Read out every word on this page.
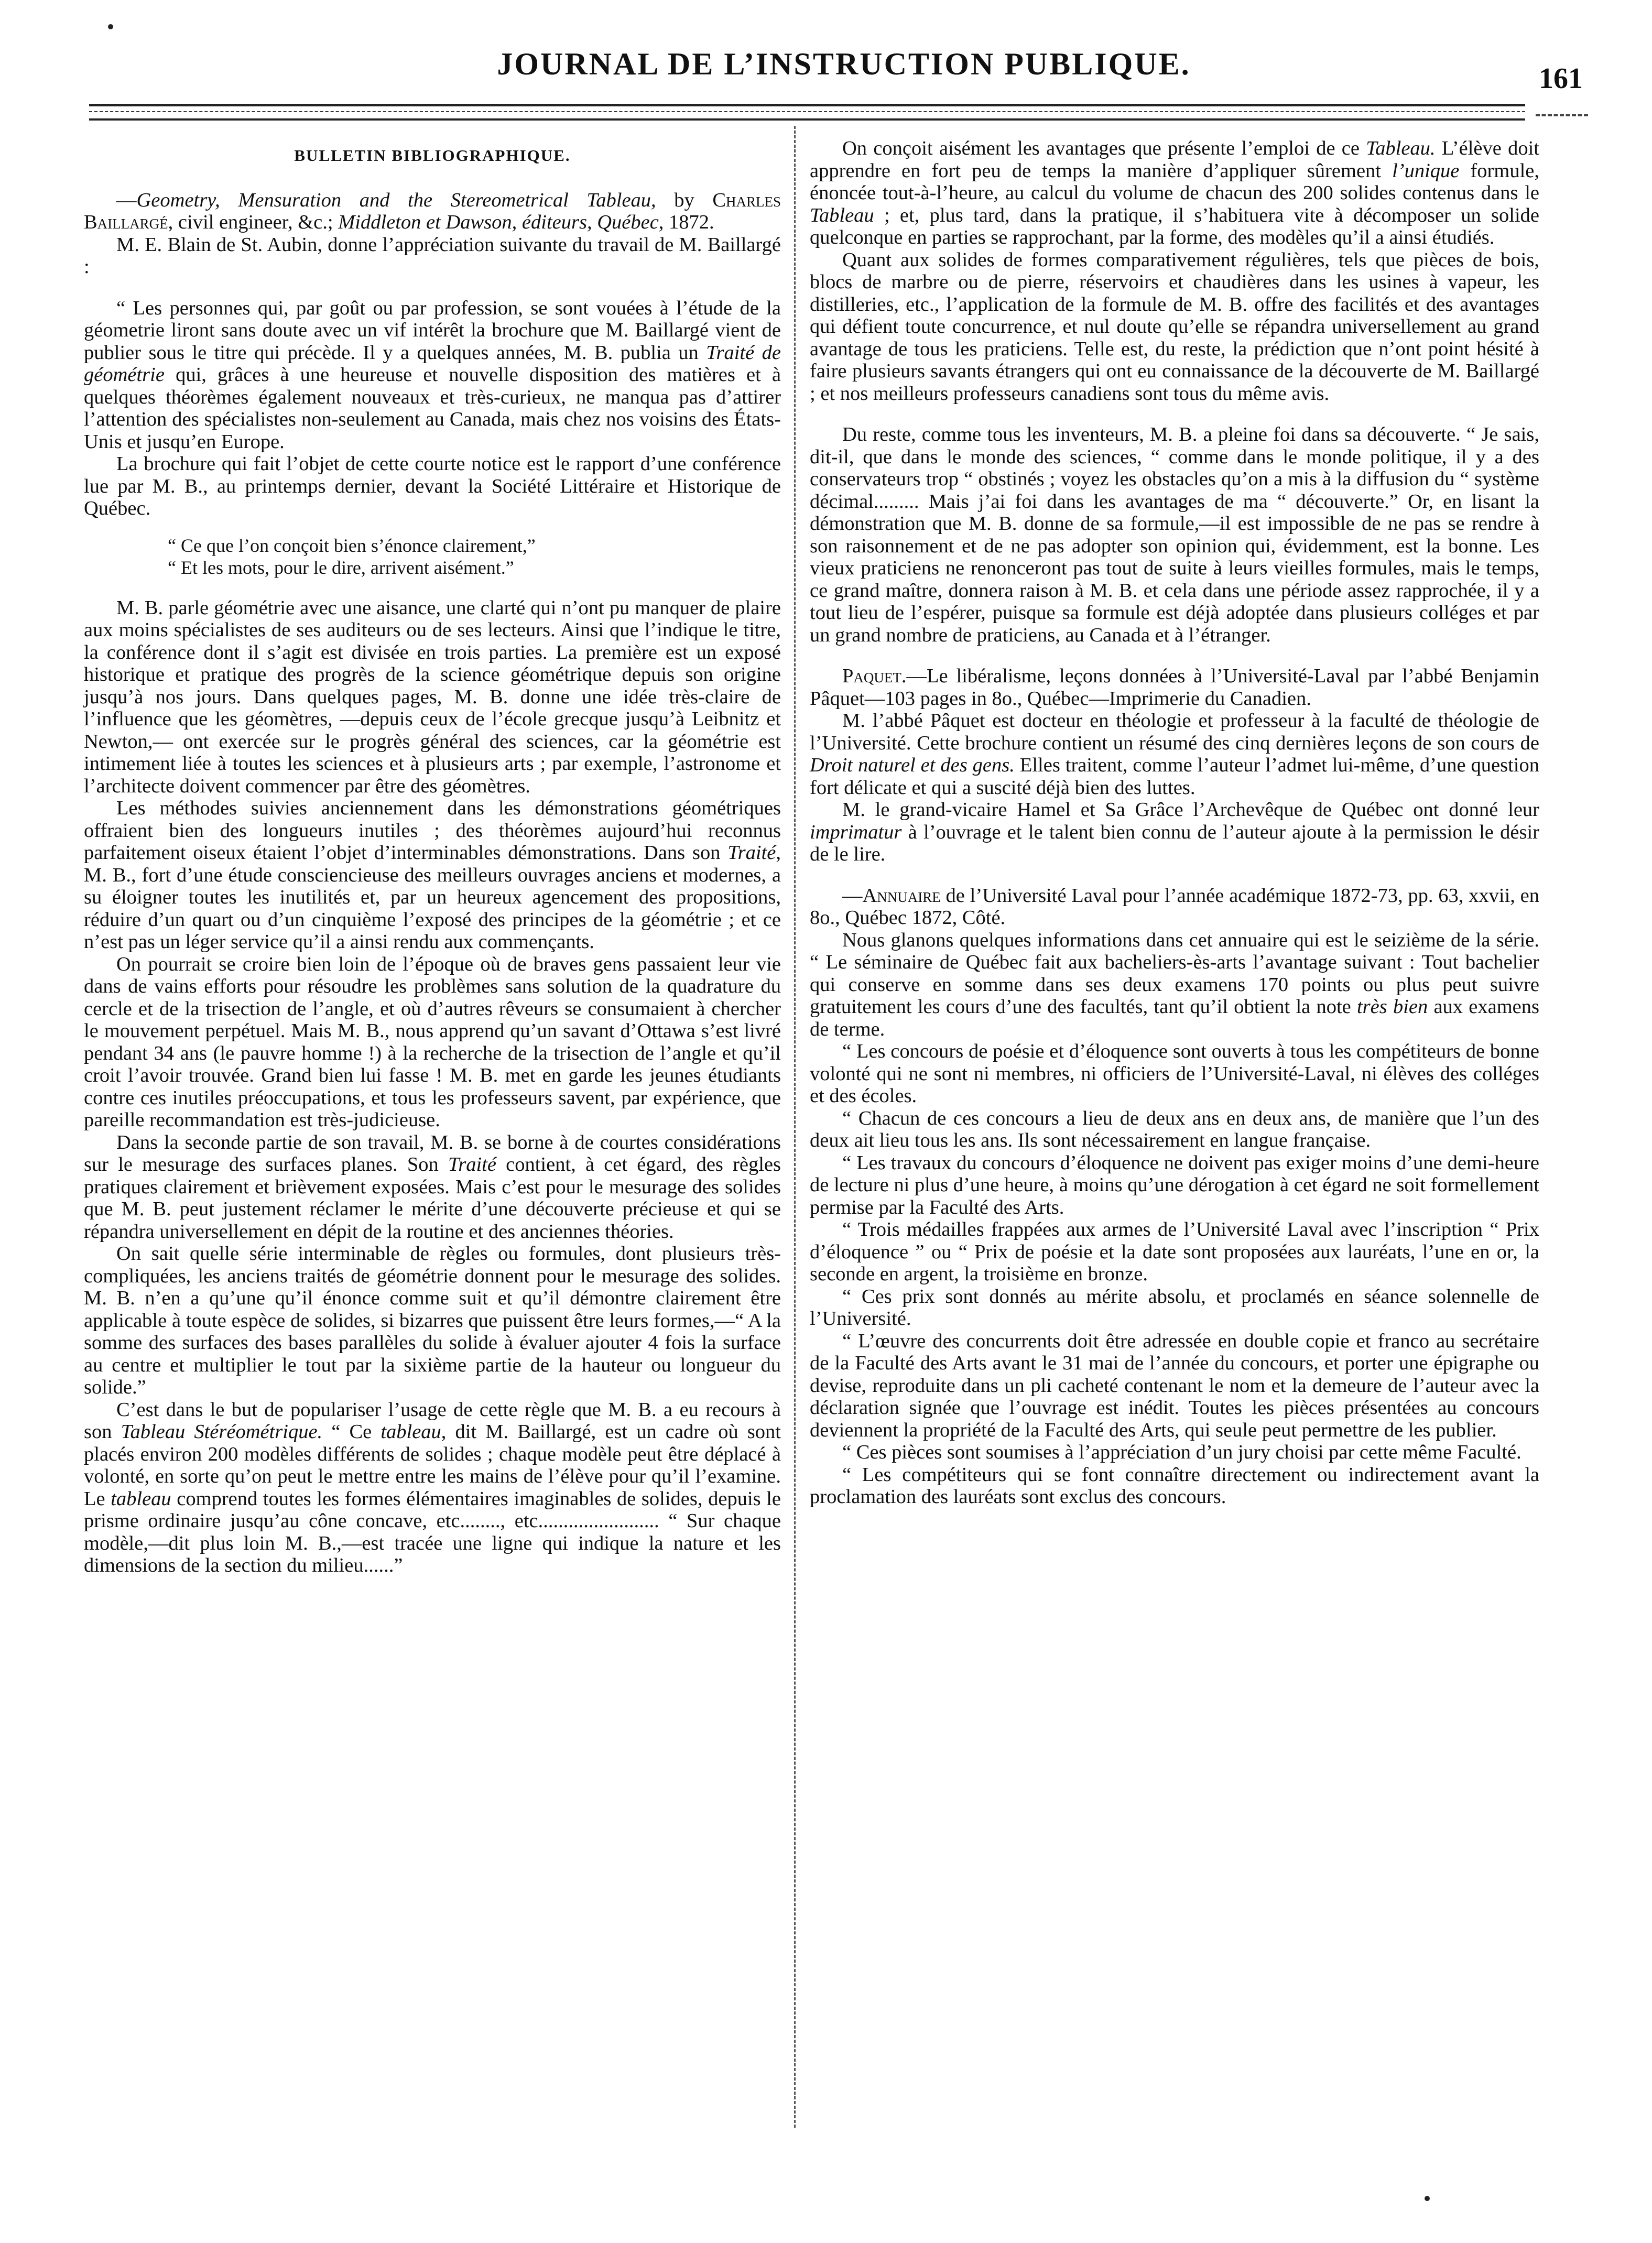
JOURNAL DE L’INSTRUCTION PUBLIQUE.	161

BULLETIN BIBLIOGRAPHIQUE.

—Geometry, Mensuration and the Stereometrical Tableau, by Charles Baillargé, civil engineer, &c.; Middleton et Dawson, éditeurs, Québec, 1872.

M. E. Blain de St. Aubin, donne l’appréciation suivante du travail de M. Baillargé :

“ Les personnes qui, par goût ou par profession, se sont vouées à l’étude de la géometrie liront sans doute avec un vif intérêt la brochure que M. Baillargé vient de publier sous le titre qui précède. Il y a quelques années, M. B. publia un Traité de géométrie qui, grâces à une heureuse et nouvelle disposition des matières et à quelques théorèmes également nouveaux et très-curieux, ne manqua pas d’attirer l’attention des spécialistes non-seulement au Canada, mais chez nos voisins des États-Unis et jusqu’en Europe.

La brochure qui fait l’objet de cette courte notice est le rapport d’une conférence lue par M. B., au printemps dernier, devant la Société Littéraire et Historique de Québec.

“ Ce que l’on conçoit bien s’énonce clairement,”

“ Et les mots, pour le dire, arrivent aisément.”

M. B. parle géométrie avec une aisance, une clarté qui n’ont pu manquer de plaire aux moins spécialistes de ses auditeurs ou de ses lecteurs. Ainsi que l’indique le titre, la conférence dont il s’agit est divisée en trois parties. La première est un exposé historique et pratique des progrès de la science géométrique depuis son origine jusqu’à nos jours. Dans quelques pages, M. B. donne une idée très-claire de l’influence que les géomètres, —depuis ceux de l’école grecque jusqu’à Leibnitz et Newton,— ont exercée sur le progrès général des sciences, car la géométrie est intimement liée à toutes les sciences et à plusieurs arts ; par exemple, l’astronome et l’architecte doivent commencer par être des géomètres.

Les méthodes suivies anciennement dans les démonstrations géométriques offraient bien des longueurs inutiles ; des théorèmes aujourd’hui reconnus parfaitement oiseux étaient l’objet d’interminables démonstrations. Dans son Traité, M. B., fort d’une étude consciencieuse des meilleurs ouvrages anciens et modernes, a su éloigner toutes les inutilités et, par un heureux agencement des propositions, réduire d’un quart ou d’un cinquième l’exposé des principes de la géométrie ; et ce n’est pas un léger service qu’il a ainsi rendu aux commençants.

On pourrait se croire bien loin de l’époque où de braves gens passaient leur vie dans de vains efforts pour résoudre les problèmes sans solution de la quadrature du cercle et de la trisection de l’angle, et où d’autres rêveurs se consumaient à chercher le mouvement perpétuel. Mais M. B., nous apprend qu’un savant d’Ottawa s’est livré pendant 34 ans (le pauvre homme !) à la recherche de la trisection de l’angle et qu’il croit l’avoir trouvée. Grand bien lui fasse ! M. B. met en garde les jeunes étudiants contre ces inutiles préoccupations, et tous les professeurs savent, par expérience, que pareille recommandation est très-judicieuse.

Dans la seconde partie de son travail, M. B. se borne à de courtes considérations sur le mesurage des surfaces planes. Son Traité contient, à cet égard, des règles pratiques clairement et brièvement exposées. Mais c’est pour le mesurage des solides que M. B. peut justement réclamer le mérite d’une découverte précieuse et qui se répandra universellement en dépit de la routine et des anciennes théories.

On sait quelle série interminable de règles ou formules, dont plusieurs très-compliquées, les anciens traités de géométrie donnent pour le mesurage des solides. M. B. n’en a qu’une qu’il énonce comme suit et qu’il démontre clairement être applicable à toute espèce de solides, si bizarres que puissent être leurs formes,—“ A la somme des surfaces des bases parallèles du solide à évaluer ajouter 4 fois la surface au centre et multiplier le tout par la sixième partie de la hauteur ou longueur du solide.”

C’est dans le but de populariser l’usage de cette règle que M. B. a eu recours à son Tableau Stéréométrique. “ Ce tableau, dit M. Baillargé, est un cadre où sont placés environ 200 modèles différents de solides ; chaque modèle peut être déplacé à volonté, en sorte qu’on peut le mettre entre les mains de l’élève pour qu’il l’examine. Le tableau comprend toutes les formes élémentaires imaginables de solides, depuis le prisme ordinaire jusqu’au cône concave, etc........, etc........................ “ Sur chaque modèle,—dit plus loin M. B.,—est tracée une ligne qui indique la nature et les dimensions de la section du milieu......”

On conçoit aisément les avantages que présente l’emploi de ce Tableau. L’élève doit apprendre en fort peu de temps la manière d’appliquer sûrement l’unique formule, énoncée tout-à-l’heure, au calcul du volume de chacun des 200 solides contenus dans le Tableau ; et, plus tard, dans la pratique, il s’habituera vite à décomposer un solide quelconque en parties se rapprochant, par la forme, des modèles qu’il a ainsi étudiés.

Quant aux solides de formes comparativement régulières, tels que pièces de bois, blocs de marbre ou de pierre, réservoirs et chaudières dans les usines à vapeur, les distilleries, etc., l’application de la formule de M. B. offre des facilités et des avantages qui défient toute concurrence, et nul doute qu’elle se répandra universellement au grand avantage de tous les praticiens. Telle est, du reste, la prédiction que n’ont point hésité à faire plusieurs savants étrangers qui ont eu connaissance de la découverte de M. Baillargé ; et nos meilleurs professeurs canadiens sont tous du même avis.

Du reste, comme tous les inventeurs, M. B. a pleine foi dans sa découverte. “ Je sais, dit-il, que dans le monde des sciences, “ comme dans le monde politique, il y a des conservateurs trop “ obstinés ; voyez les obstacles qu’on a mis à la diffusion du “ système décimal......... Mais j’ai foi dans les avantages de ma “ découverte.” Or, en lisant la démonstration que M. B. donne de sa formule,—il est impossible de ne pas se rendre à son raisonnement et de ne pas adopter son opinion qui, évidemment, est la bonne. Les vieux praticiens ne renonceront pas tout de suite à leurs vieilles formules, mais le temps, ce grand maître, donnera raison à M. B. et cela dans une période assez rapprochée, il y a tout lieu de l’espérer, puisque sa formule est déjà adoptée dans plusieurs colléges et par un grand nombre de praticiens, au Canada et à l’étranger.

Paquet.—Le libéralisme, leçons données à l’Université-Laval par l’abbé Benjamin Pâquet—103 pages in 8o., Québec—Imprimerie du Canadien.

M. l’abbé Pâquet est docteur en théologie et professeur à la faculté de théologie de l’Université. Cette brochure contient un résumé des cinq dernières leçons de son cours de Droit naturel et des gens. Elles traitent, comme l’auteur l’admet lui-même, d’une question fort délicate et qui a suscité déjà bien des luttes.

M. le grand-vicaire Hamel et Sa Grâce l’Archevêque de Québec ont donné leur imprimatur à l’ouvrage et le talent bien connu de l’auteur ajoute à la permission le désir de le lire.

—Annuaire de l’Université Laval pour l’année académique 1872-73, pp. 63, xxvii, en 8o., Québec 1872, Côté.

Nous glanons quelques informations dans cet annuaire qui est le seizième de la série. “ Le séminaire de Québec fait aux bacheliers-ès-arts l’avantage suivant : Tout bachelier qui conserve en somme dans ses deux examens 170 points ou plus peut suivre gratuitement les cours d’une des facultés, tant qu’il obtient la note très bien aux examens de terme.

“ Les concours de poésie et d’éloquence sont ouverts à tous les compétiteurs de bonne volonté qui ne sont ni membres, ni officiers de l’Université-Laval, ni élèves des colléges et des écoles.

“ Chacun de ces concours a lieu de deux ans en deux ans, de manière que l’un des deux ait lieu tous les ans. Ils sont nécessairement en langue française.

“ Les travaux du concours d’éloquence ne doivent pas exiger moins d’une demi-heure de lecture ni plus d’une heure, à moins qu’une dérogation à cet égard ne soit formellement permise par la Faculté des Arts.

“ Trois médailles frappées aux armes de l’Université Laval avec l’inscription “ Prix d’éloquence ” ou “ Prix de poésie et la date sont proposées aux lauréats, l’une en or, la seconde en argent, la troisième en bronze.

“ Ces prix sont donnés au mérite absolu, et proclamés en séance solennelle de l’Université.

“ L’œuvre des concurrents doit être adressée en double copie et franco au secrétaire de la Faculté des Arts avant le 31 mai de l’année du concours, et porter une épigraphe ou devise, reproduite dans un pli cacheté contenant le nom et la demeure de l’auteur avec la déclaration signée que l’ouvrage est inédit. Toutes les pièces présentées au concours deviennent la propriété de la Faculté des Arts, qui seule peut permettre de les publier.

“ Ces pièces sont soumises à l’appréciation d’un jury choisi par cette même Faculté.

“ Les compétiteurs qui se font connaître directement ou indirectement avant la proclamation des lauréats sont exclus des concours.
